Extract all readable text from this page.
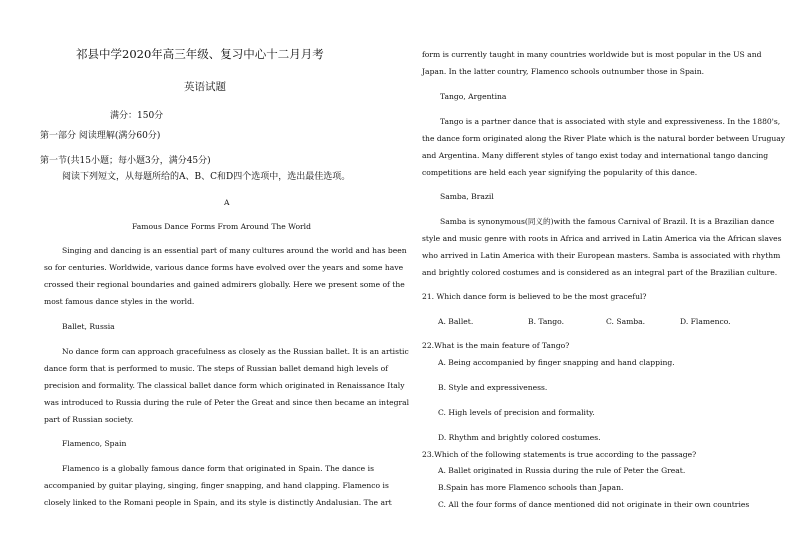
祁县中学2020年高三年级、复习中心十二月月考
英语试题
满分：150分
第一部分 阅读理解(满分60分)
第一节(共15小题；每小题3分，满分45分)
阅读下列短文，从每题所给的A、B、C和D四个选项中，选出最佳选项。
A
Famous Dance Forms From Around The World
Singing and dancing is an essential part of many cultures around the world and has been
so for centuries. Worldwide, various dance forms have evolved over the years and some have
crossed their regional boundaries and gained admirers globally. Here we present some of the
most famous dance styles in the world.
Ballet, Russia
No dance form can approach gracefulness as closely as the Russian ballet. It is an artistic
dance form that is performed to music. The steps of Russian ballet demand high levels of
precision and formality. The classical ballet dance form which originated in Renaissance Italy
was introduced to Russia during the rule of Peter the Great and since then became an integral
part of Russian society.
Flamenco, Spain
Flamenco is a globally famous dance form that originated in Spain. The dance is
accompanied by guitar playing, singing, finger snapping, and hand clapping. Flamenco is
closely linked to the Romani people in Spain, and its style is distinctly Andalusian. The art
form is currently taught in many countries worldwide but is most popular in the US and
Japan. In the latter country, Flamenco schools outnumber those in Spain.
Tango, Argentina
Tango is a partner dance that is associated with style and expressiveness. In the 1880's,
the dance form originated along the River Plate which is the natural border between Uruguay
and Argentina. Many different styles of tango exist today and international tango dancing
competitions are held each year signifying the popularity of this dance.
Samba, Brazil
Samba is synonymous(同义的)with the famous Carnival of Brazil. It is a Brazilian dance
style and music genre with roots in Africa and arrived in Latin America via the African slaves
who arrived in Latin America with their European masters. Samba is associated with rhythm
and brightly colored costumes and is considered as an integral part of the Brazilian culture.
21. Which dance form is believed to be the most graceful?
A. Ballet.	B. Tango.	C. Samba.	D. Flamenco.
22.What is the main feature of Tango?
A. Being accompanied by finger snapping and hand clapping.
B. Style and expressiveness.
C. High levels of precision and formality.
D. Rhythm and brightly colored costumes.
23.Which of the following statements is true according to the passage?
A. Ballet originated in Russia during the rule of Peter the Great.
B.Spain has more Flamenco schools than Japan.
C. All the four forms of dance mentioned did not originate in their own countries
